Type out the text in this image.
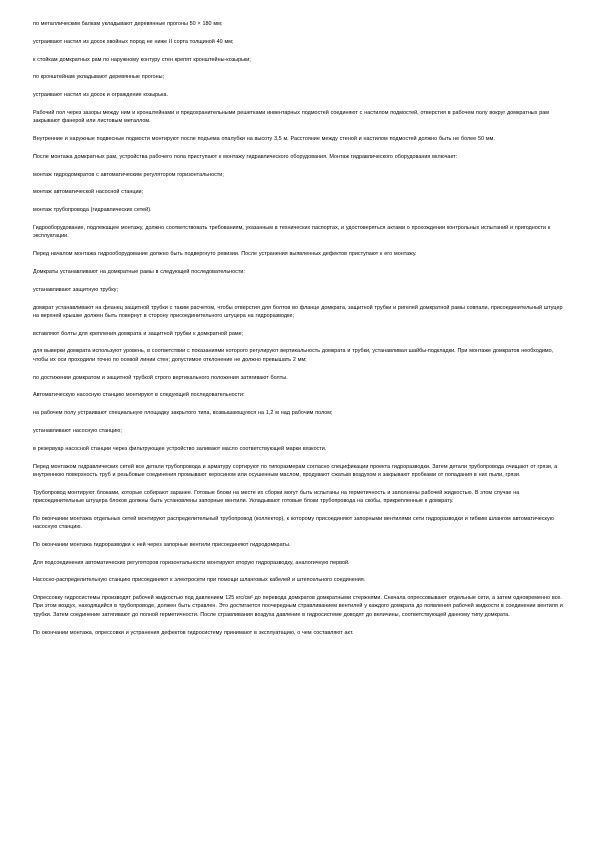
по металлическим балкам укладывают деревянные прогоны 50 × 180 мм;

устраивают настил из досок хвойных пород не ниже II сорта толщиной 40 мм;

к стойкам домкратных рам по наружному контуру стен крепят кронштейны-козырьки;

по кронштейнам укладывают деревянные прогоны;

устраивают настил из досок и ограждение козырька.

Рабочий пол через зазоры между ним и кронштейнами и предохранительными решетками инвентарных подмостей соединяют с настилом подмостей, отверстия в рабочем полу вокруг домкратных рам закрывают фанерой или листовым металлом.

Внутренние и наружные подвесные подмости монтируют после подъема опалубки на высоту 3,5 м. Расстояние между стеной и настилом подмостей должно быть не более 50 мм.

После монтажа домкратных рам, устройства рабочего пола приступают к монтажу гидравлического оборудования. Монтаж гидравлического оборудования включает:

монтаж гидродомкратов с автоматическим регулятором горизонтальности;

монтаж автоматической насосной станции;

монтаж трубопровода (гидравлических сетей).

Гидрооборудование, подлежащее монтажу, должно соответствовать требованиям, указанным в технических паспортах, и удостоверяться актами о прохождении контрольных испытаний и пригодности к эксплуатации.

Перед началом монтажа гидрооборудование должно быть подвергнуто ревизии. После устранения выявленных дефектов приступают к его монтажу.

Домкраты устанавливают на домкратные рамы в следующей последовательности:

устанавливают защитную трубку;

домкрат устанавливают на фланец защитной трубки с таким расчетом, чтобы отверстия для болтов во фланце домкрата, защитной трубки и ригелей домкратной рамы совпали, присоединительный штуцер на верхней крышке должен быть повернут в сторону присоединительного штуцера на гидроразводке;

вставляют болты для крепления домкрата и защитной трубки к домкратной раме;

для выверки домкрата используют уровень, в соответствии с показаниями которого регулируют вертикальность домкрата и трубки, устанавливая шайбы-подкладки. При монтаже домкратов необходимо, чтобы их оси проходили точно по осевой линии стен; допустимое отклонение не должно превышать 2 мм;

по достижении домкратом и защитной трубкой строго вертикального положения затягивают болты.

Автоматическую насосную станцию монтируют в следующей последовательности:

на рабочем полу устраивают специальную площадку закрытого типа, возвышающуюся на 1,2 м над рабочим полом;

устанавливают насосную станцию;

в резервуар насосной станции через фильтрующее устройство заливают масло соответствующей марки вязкости.

Перед монтажом гидравлических сетей все детали трубопровода и арматуру сортируют по типоразмерам согласно спецификации проекта гидроразводки. Затем детали трубопровода очищают от грязи, а внутреннюю поверхность труб и резьбовые соединения промывают керосином или осушенным маслом, продувают сжатым воздухом и закрывают пробками от попадания в них пыли, грязи.

Трубопровод монтируют блоками, которые собирают заранее. Готовые блоки на месте их сборки могут быть испытаны на герметичность и заполнены рабочей жидкостью. В этом случае на присоединительные штуцера блоков должны быть установлены запорные вентили. Укладывают готовые блоки трубопровода на скобы, прикрепленные к домкрату.

По окончании монтажа отдельных сетей монтируют распределительный трубопровод (коллектор), к которому присоединяют запорными вентилями сети гидроразводки и гибким шлангом автоматическую насосную станцию.

По окончании монтажа гидроразводки к ней через запорные вентили присоединяют гидродомкраты.

Для подсоединения автоматических регуляторов горизонтальности монтируют вторую гидроразводку, аналогичную первой.

Насосно-распределительную станцию присоединяют к электросети при помощи шланговых кабелей и штепсельного соединения.

Опрессовку гидросистемы производят рабочей жидкостью под давлением 125 кгс/см² до перевода домкратов домкратными стержнями. Сначала опрессовывают отдельные сети, а затем одновременно все. При этом воздух, находящийся в трубопроводе, должен быть стравлен. Это достигается поочередным стравливанием вентилей у каждого домкрата до появления рабочей жидкости в соединении вентиля и трубки. Затем соединение затягивают до полной герметичности. После стравливания воздуха давление в гидросистеме доводят до величины, соответствующей данному типу домкрата.

По окончании монтажа, опрессовки и устранения дефектов гидросистему принимают в эксплуатацию, о чем составляют акт.
